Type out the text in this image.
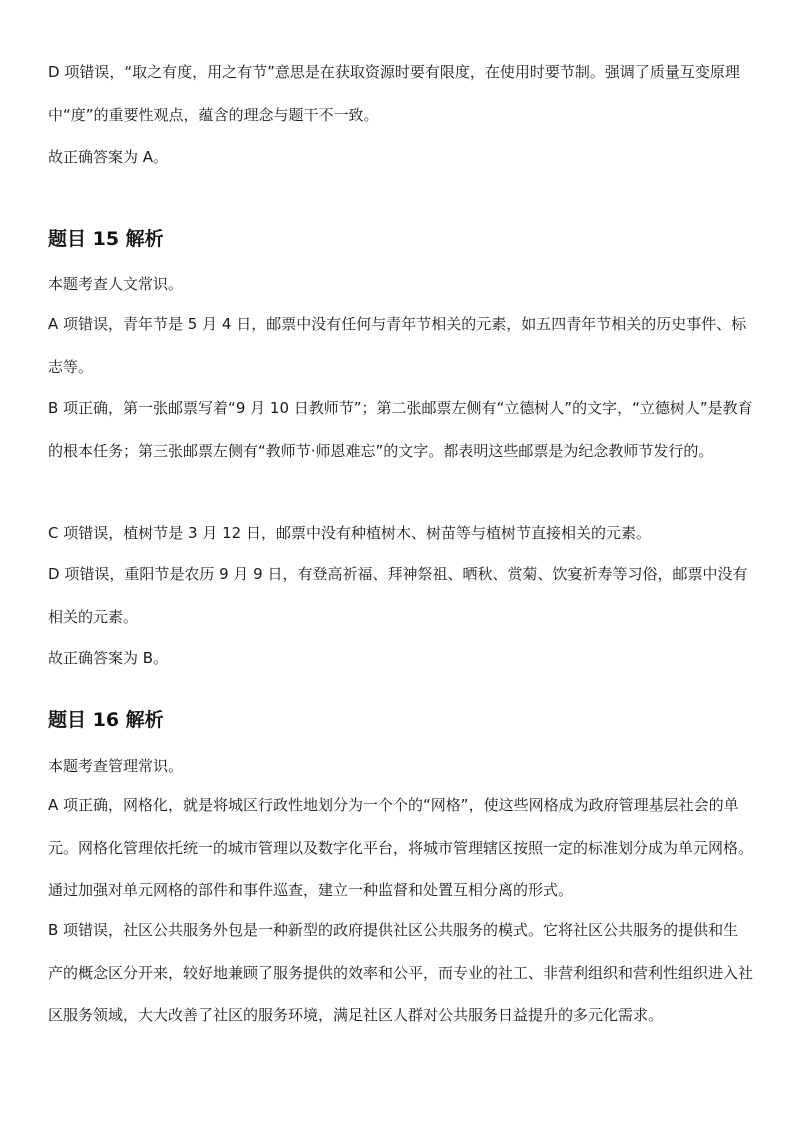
D 项错误，“取之有度，用之有节”意思是在获取资源时要有限度，在使用时要节制。强调了质量互变原理中“度”的重要性观点，蕴含的理念与题干不一致。

故正确答案为 A。

题目 15 解析

本题考查人文常识。

A 项错误，青年节是 5 月 4 日，邮票中没有任何与青年节相关的元素，如五四青年节相关的历史事件、标志等。

B 项正确，第一张邮票写着“9 月 10 日教师节”；第二张邮票左侧有“立德树人”的文字，“立德树人”是教育的根本任务；第三张邮票左侧有“教师节·师恩难忘”的文字。都表明这些邮票是为纪念教师节发行的。

C 项错误，植树节是 3 月 12 日，邮票中没有种植树木、树苗等与植树节直接相关的元素。

D 项错误，重阳节是农历 9 月 9 日，有登高祈福、拜神祭祖、晒秋、赏菊、饮宴祈寿等习俗，邮票中没有相关的元素。

故正确答案为 B。

题目 16 解析

本题考查管理常识。

A 项正确，网格化，就是将城区行政性地划分为一个个的“网格”，使这些网格成为政府管理基层社会的单元。网格化管理依托统一的城市管理以及数字化平台，将城市管理辖区按照一定的标准划分成为单元网格。通过加强对单元网格的部件和事件巡查，建立一种监督和处置互相分离的形式。

B 项错误，社区公共服务外包是一种新型的政府提供社区公共服务的模式。它将社区公共服务的提供和生产的概念区分开来，较好地兼顾了服务提供的效率和公平，而专业的社工、非营利组织和营利性组织进入社区服务领域，大大改善了社区的服务环境，满足社区人群对公共服务日益提升的多元化需求。
